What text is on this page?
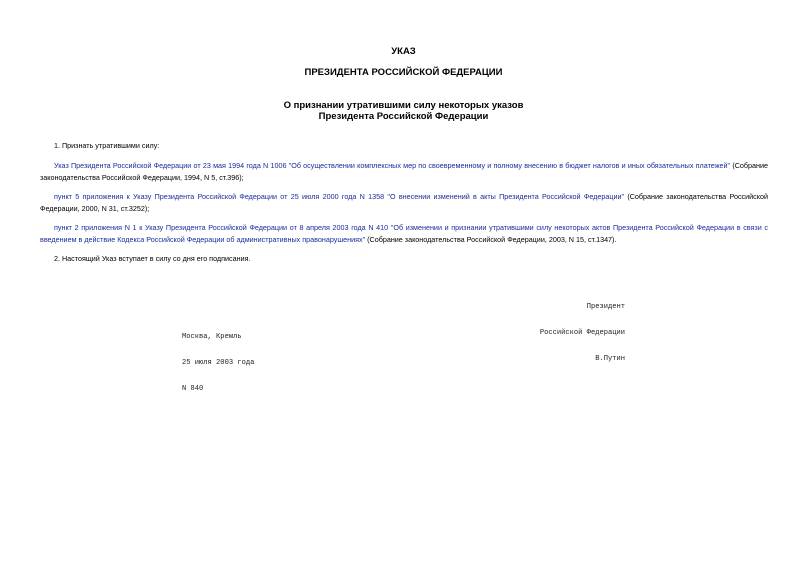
УКАЗ
ПРЕЗИДЕНТА РОССИЙСКОЙ ФЕДЕРАЦИИ
О признании утратившими силу некоторых указов
Президента Российской Федерации

1. Признать утратившими силу:

Указ Президента Российской Федерации от 23 мая 1994 года N 1006 "Об осуществлении комплексных мер по своевременному и полному внесению в бюджет налогов и иных обязательных платежей" (Собрание законодательства Российской Федерации, 1994, N 5, ст.396);

пункт 5 приложения к Указу Президента Российской Федерации от 25 июля 2000 года N 1358 "О внесении изменений в акты Президента Российской Федерации" (Собрание законодательства Российской Федерации, 2000, N 31, ст.3252);

пункт 2 приложения N 1 к Указу Президента Российской Федерации от 8 апреля 2003 года N 410 "Об изменении и признании утратившими силу некоторых актов Президента Российской Федерации в связи с введением в действие Кодекса Российской Федерации об административных правонарушениях" (Собрание законодательства Российской Федерации, 2003, N 15, ст.1347).

2. Настоящий Указ вступает в силу со дня его подписания.

Президент

Российской Федерации

В.Путин

Москва, Кремль

25 июля 2003 года

N 840
